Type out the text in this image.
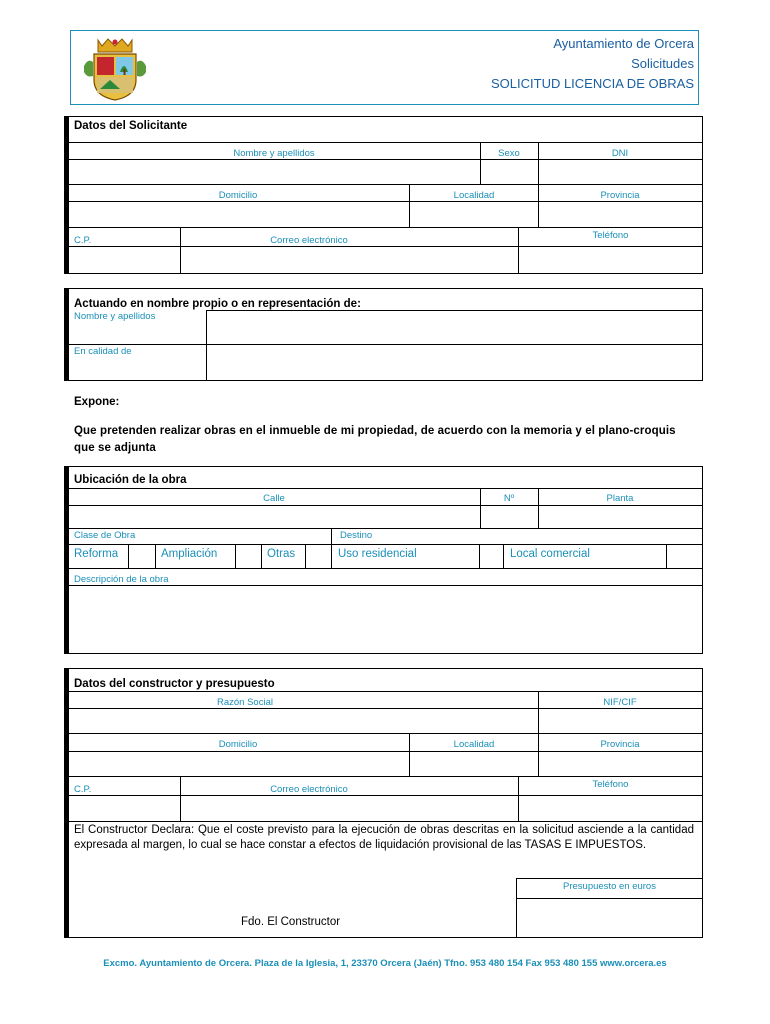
Ayuntamiento de Orcera
Solicitudes
SOLICITUD LICENCIA DE OBRAS
Datos del Solicitante
Nombre y apellidos	Sexo	DNI
Domicilio	Localidad	Provincia
C.P.	Correo electrónico	Teléfono
Actuando en nombre propio o en representación de:
Nombre y apellidos
En calidad de
Expone:
Que pretenden realizar obras en el inmueble de mi propiedad, de acuerdo con la memoria y el plano-croquis que se adjunta
Ubicación de la obra
Calle	Nº	Planta
Clase de Obra	Destino
Reforma	Ampliación	Otras	Uso residencial	Local comercial
Descripción de la obra
Datos del constructor y presupuesto
Razón Social	NIF/CIF
Domicilio	Localidad	Provincia
C.P.	Correo electrónico	Teléfono
El Constructor Declara: Que el coste previsto para la ejecución de obras descritas en la solicitud asciende a la cantidad expresada al margen, lo cual se hace constar a efectos de liquidación provisional de las TASAS E IMPUESTOS.
Presupuesto en euros
Fdo. El Constructor
Excmo. Ayuntamiento de Orcera. Plaza de la Iglesia, 1, 23370 Orcera (Jaén) Tfno. 953 480 154 Fax 953 480 155 www.orcera.es
